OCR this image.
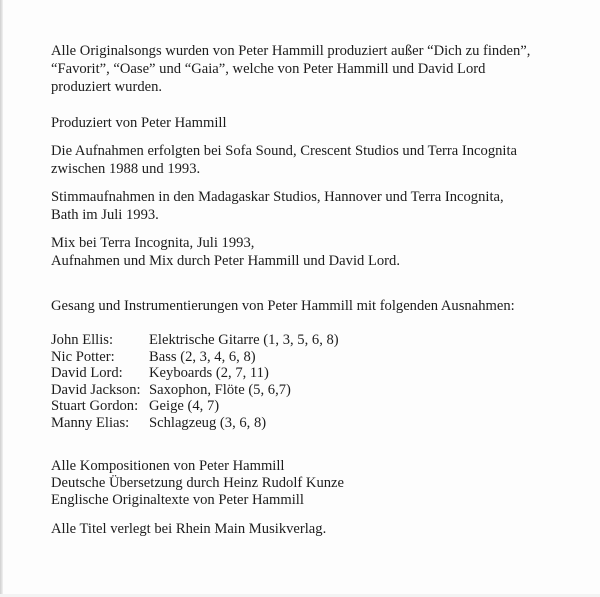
Alle Originalsongs wurden von Peter Hammill produziert außer “Dich zu finden”,
“Favorit”, “Oase” und “Gaia”, welche von Peter Hammill und David Lord
produziert wurden.

Produziert von Peter Hammill

Die Aufnahmen erfolgten bei Sofa Sound, Crescent Studios und Terra Incognita
zwischen 1988 und 1993.

Stimmaufnahmen in den Madagaskar Studios, Hannover und Terra Incognita,
Bath im Juli 1993.

Mix bei Terra Incognita, Juli 1993,
Aufnahmen und Mix durch Peter Hammill und David Lord.

Gesang und Instrumentierungen von Peter Hammill mit folgenden Ausnahmen:

John Ellis:	Elektrische Gitarre (1, 3, 5, 6, 8)
Nic Potter:	Bass (2, 3, 4, 6, 8)
David Lord:	Keyboards (2, 7, 11)
David Jackson: Saxophon, Flöte (5, 6,7)
Stuart Gordon: Geige (4, 7)
Manny Elias:	Schlagzeug (3, 6, 8)

Alle Kompositionen von Peter Hammill
Deutsche Übersetzung durch Heinz Rudolf Kunze
Englische Originaltexte von Peter Hammill

Alle Titel verlegt bei Rhein Main Musikverlag.
